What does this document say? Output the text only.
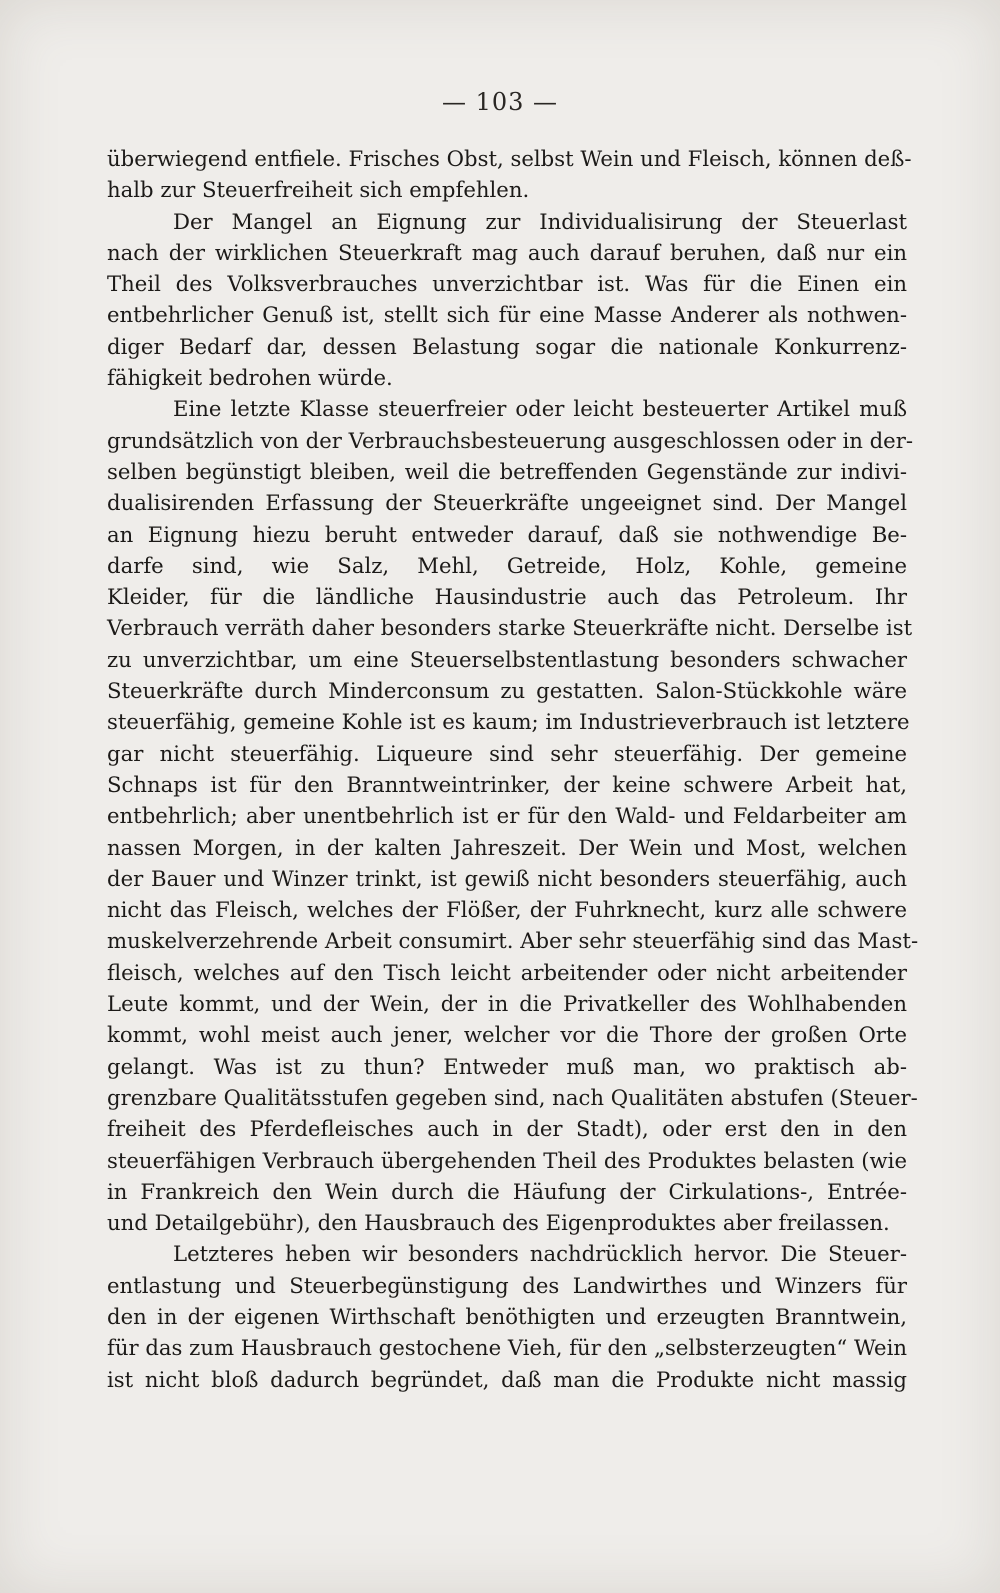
— 103 —
überwiegend entfiele. Frisches Obst, selbst Wein und Fleisch, können deß-
halb zur Steuerfreiheit sich empfehlen.
Der Mangel an Eignung zur Individualisirung der Steuerlast
nach der wirklichen Steuerkraft mag auch darauf beruhen, daß nur ein
Theil des Volksverbrauches unverzichtbar ist. Was für die Einen ein
entbehrlicher Genuß ist, stellt sich für eine Masse Anderer als nothwen-
diger Bedarf dar, dessen Belastung sogar die nationale Konkurrenz-
fähigkeit bedrohen würde.
Eine letzte Klasse steuerfreier oder leicht besteuerter Artikel muß
grundsätzlich von der Verbrauchsbesteuerung ausgeschlossen oder in der-
selben begünstigt bleiben, weil die betreffenden Gegenstände zur indivi-
dualisirenden Erfassung der Steuerkräfte ungeeignet sind. Der Mangel
an Eignung hiezu beruht entweder darauf, daß sie nothwendige Be-
darfe sind, wie Salz, Mehl, Getreide, Holz, Kohle, gemeine
Kleider, für die ländliche Hausindustrie auch das Petroleum. Ihr
Verbrauch verräth daher besonders starke Steuerkräfte nicht. Derselbe ist
zu unverzichtbar, um eine Steuerselbstentlastung besonders schwacher
Steuerkräfte durch Minderconsum zu gestatten. Salon-Stückkohle wäre
steuerfähig, gemeine Kohle ist es kaum; im Industrieverbrauch ist letztere
gar nicht steuerfähig. Liqueure sind sehr steuerfähig. Der gemeine
Schnaps ist für den Branntweintrinker, der keine schwere Arbeit hat,
entbehrlich; aber unentbehrlich ist er für den Wald- und Feldarbeiter am
nassen Morgen, in der kalten Jahreszeit. Der Wein und Most, welchen
der Bauer und Winzer trinkt, ist gewiß nicht besonders steuerfähig, auch
nicht das Fleisch, welches der Flößer, der Fuhrknecht, kurz alle schwere
muskelverzehrende Arbeit consumirt. Aber sehr steuerfähig sind das Mast-
fleisch, welches auf den Tisch leicht arbeitender oder nicht arbeitender
Leute kommt, und der Wein, der in die Privatkeller des Wohlhabenden
kommt, wohl meist auch jener, welcher vor die Thore der großen Orte
gelangt. Was ist zu thun? Entweder muß man, wo praktisch ab-
grenzbare Qualitätsstufen gegeben sind, nach Qualitäten abstufen (Steuer-
freiheit des Pferdefleisches auch in der Stadt), oder erst den in den
steuerfähigen Verbrauch übergehenden Theil des Produktes belasten (wie
in Frankreich den Wein durch die Häufung der Cirkulations-, Entrée-
und Detailgebühr), den Hausbrauch des Eigenproduktes aber freilassen.
Letzteres heben wir besonders nachdrücklich hervor. Die Steuer-
entlastung und Steuerbegünstigung des Landwirthes und Winzers für
den in der eigenen Wirthschaft benöthigten und erzeugten Branntwein,
für das zum Hausbrauch gestochene Vieh, für den „selbsterzeugten“ Wein
ist nicht bloß dadurch begründet, daß man die Produkte nicht massig
